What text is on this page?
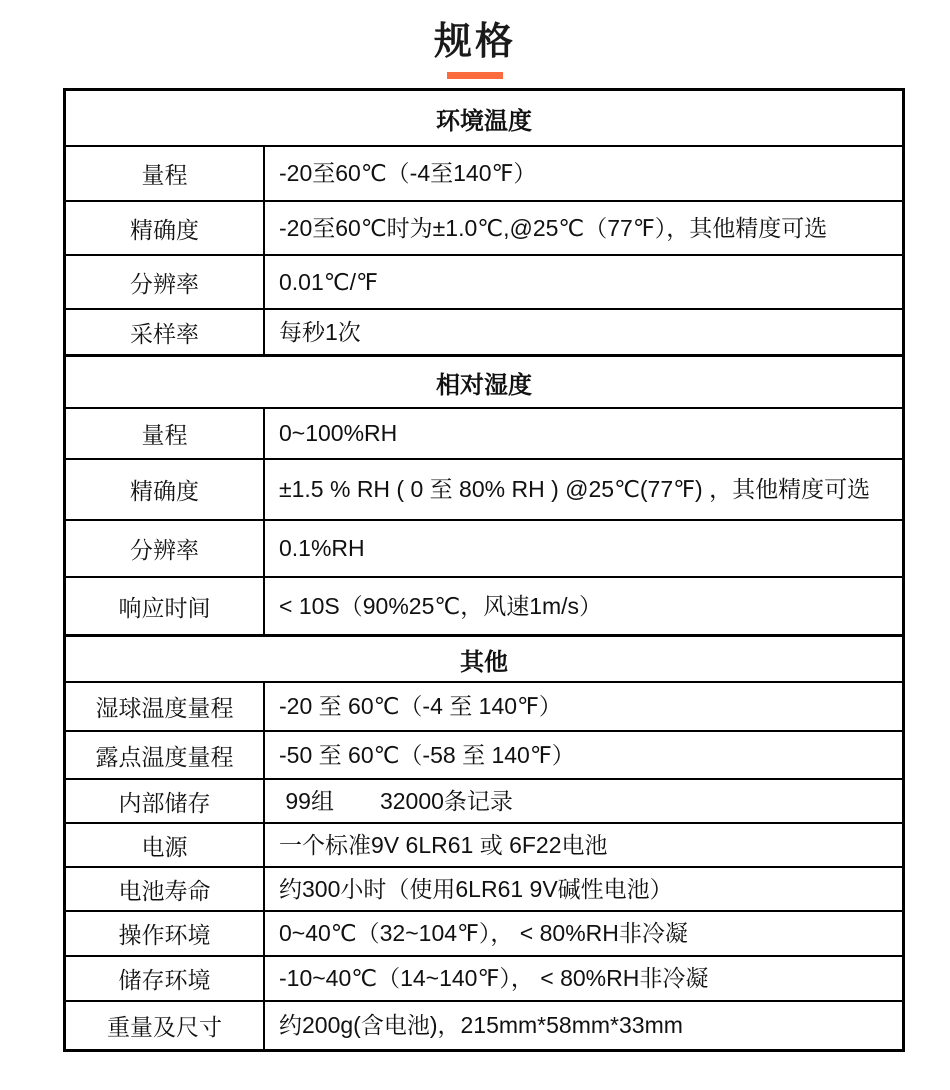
规格
环境温度
量程	-20至60℃（-4至140℉）
精确度	-20至60℃时为±1.0℃,@25℃（77℉），其他精度可选
分辨率	0.01℃/℉
采样率	每秒1次
相对湿度
量程	0~100%RH
精确度	±1.5 % RH ( 0 至 80% RH ) @25℃(77℉) ，其他精度可选
分辨率	0.1%RH
响应时间	< 10S（90%25℃，风速1m/s）
其他
湿球温度量程	-20 至 60℃（-4 至 140℉）
露点温度量程	-50 至 60℃（-58 至 140℉）
内部储存	99组　　32000条记录
电源	一个标准9V 6LR61 或 6F22电池
电池寿命	约300小时（使用6LR61 9V碱性电池）
操作环境	0~40℃（32~104℉）， < 80%RH非冷凝
储存环境	-10~40℃（14~140℉）， < 80%RH非冷凝
重量及尺寸	约200g(含电池)，215mm*58mm*33mm
